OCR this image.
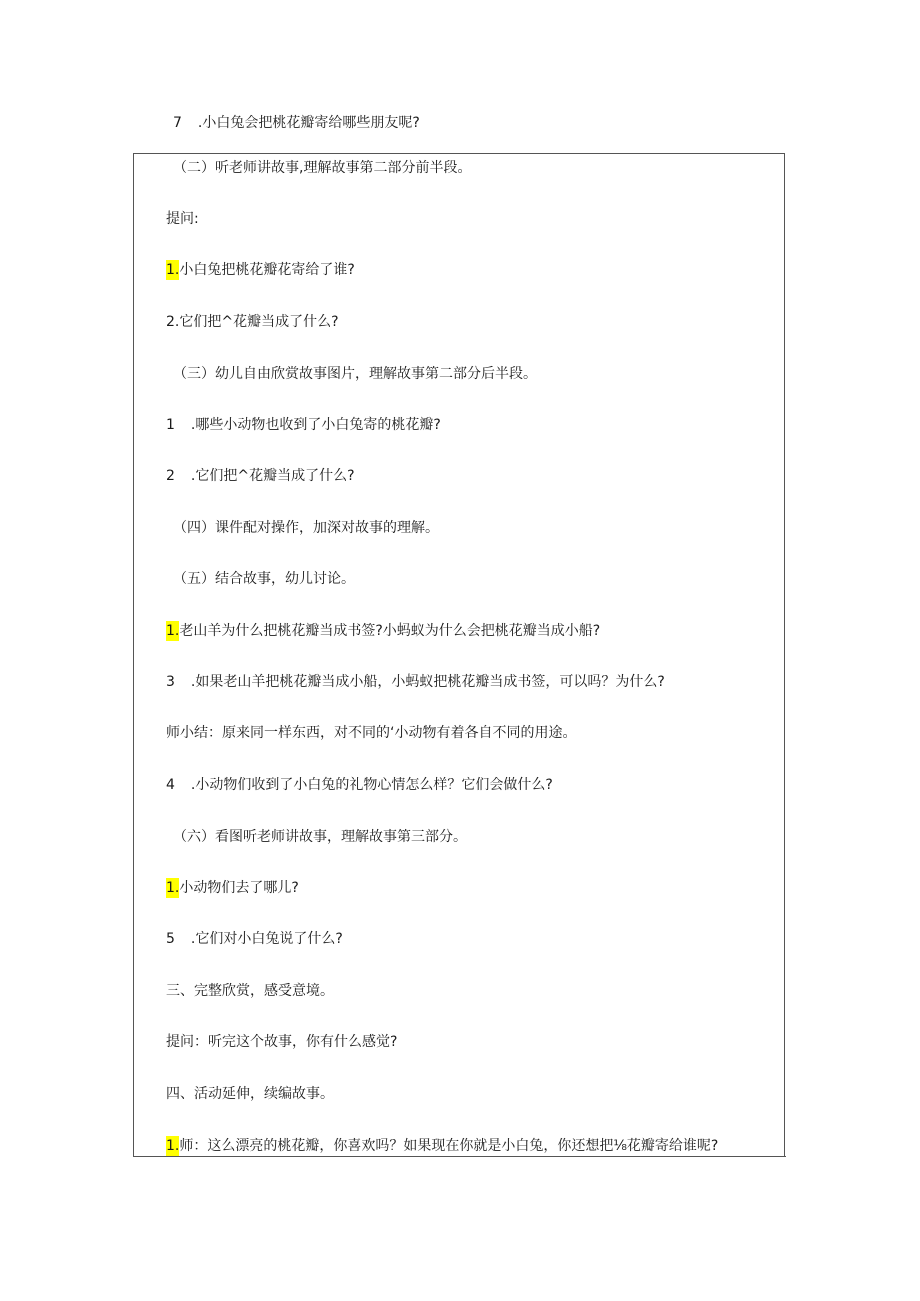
7 .小白兔会把桃花瓣寄给哪些朋友呢?
（二）听老师讲故事,理解故事第二部分前半段。
提问:
1.小白兔把桃花瓣花寄给了谁?
2.它们把^花瓣当成了什么?
（三）幼儿自由欣赏故事图片，理解故事第二部分后半段。
1 .哪些小动物也收到了小白兔寄的桃花瓣?
2 .它们把^花瓣当成了什么?
（四）课件配对操作，加深对故事的理解。
（五）结合故事，幼儿讨论。
1.老山羊为什么把桃花瓣当成书签?小蚂蚁为什么会把桃花瓣当成小船?
3 .如果老山羊把桃花瓣当成小船，小蚂蚁把桃花瓣当成书签，可以吗？为什么?
师小结：原来同一样东西，对不同的‘小动物有着各自不同的用途。
4 .小动物们收到了小白兔的礼物心情怎么样？它们会做什么?
（六）看图听老师讲故事，理解故事第三部分。
1.小动物们去了哪儿?
5 .它们对小白兔说了什么?
三、完整欣赏，感受意境。
提问：听完这个故事，你有什么感觉?
四、活动延伸，续编故事。
1.师：这么漂亮的桃花瓣，你喜欢吗？如果现在你就是小白兔，你还想把⅛花瓣寄给谁呢?
